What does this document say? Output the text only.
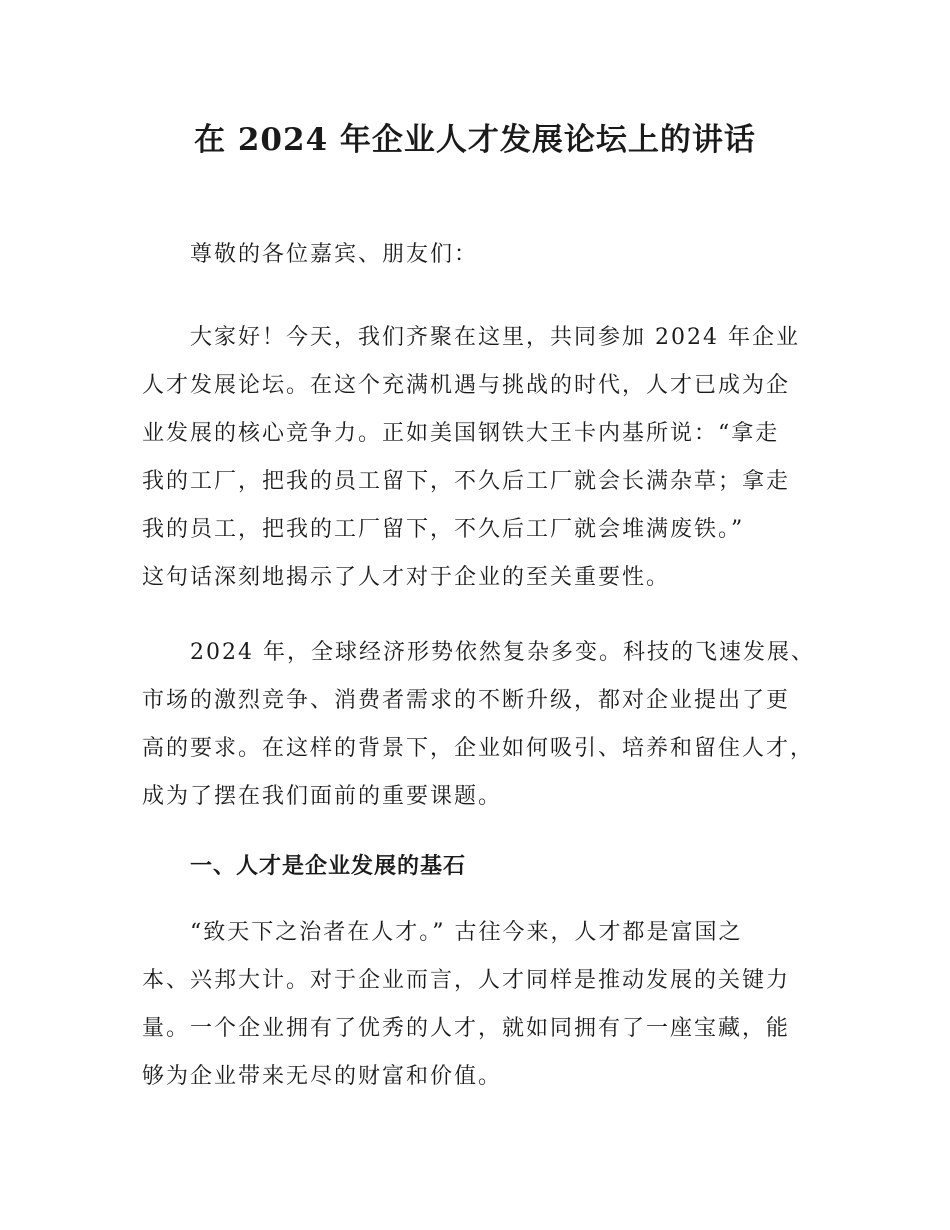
在 2024 年企业人才发展论坛上的讲话

尊敬的各位嘉宾、朋友们：

大家好！今天，我们齐聚在这里，共同参加 2024 年企业
人才发展论坛。在这个充满机遇与挑战的时代，人才已成为企
业发展的核心竞争力。正如美国钢铁大王卡内基所说：“拿走
我的工厂，把我的员工留下，不久后工厂就会长满杂草；拿走
我的员工，把我的工厂留下，不久后工厂就会堆满废铁。”
这句话深刻地揭示了人才对于企业的至关重要性。

2024 年，全球经济形势依然复杂多变。科技的飞速发展、
市场的激烈竞争、消费者需求的不断升级，都对企业提出了更
高的要求。在这样的背景下，企业如何吸引、培养和留住人才，
成为了摆在我们面前的重要课题。

一、人才是企业发展的基石

“致天下之治者在人才。” 古往今来，人才都是富国之
本、兴邦大计。对于企业而言，人才同样是推动发展的关键力
量。一个企业拥有了优秀的人才，就如同拥有了一座宝藏，能
够为企业带来无尽的财富和价值。
